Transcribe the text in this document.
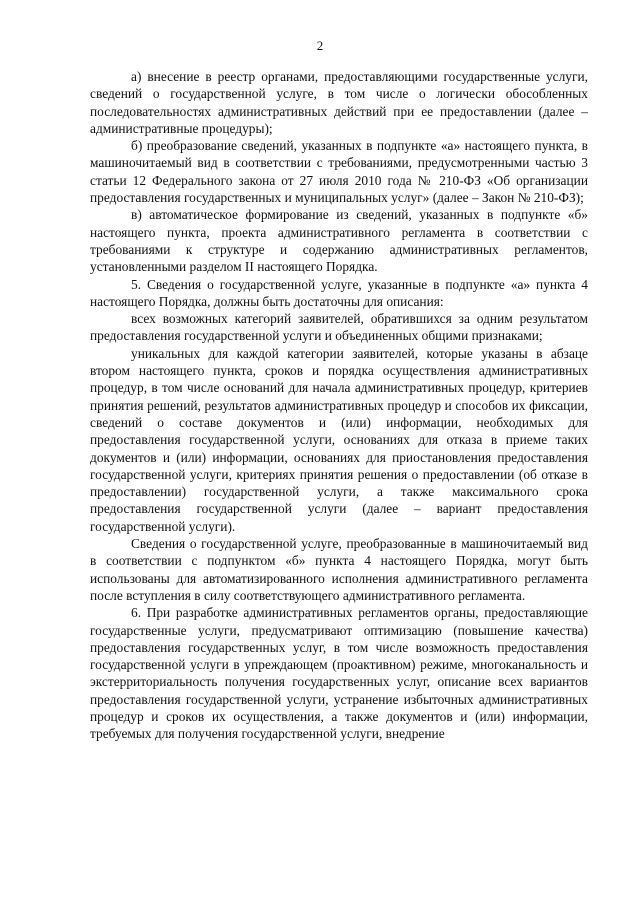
2

а) внесение в реестр органами, предоставляющими государственные услуги, сведений о государственной услуге, в том числе о логически обособленных последовательностях административных действий при ее предоставлении (далее – административные процедуры);

б) преобразование сведений, указанных в подпункте «а» настоящего пункта, в машиночитаемый вид в соответствии с требованиями, предусмотренными частью 3 статьи 12 Федерального закона от 27 июля 2010 года № 210-ФЗ «Об организации предоставления государственных и муниципальных услуг» (далее – Закон № 210-ФЗ);

в) автоматическое формирование из сведений, указанных в подпункте «б» настоящего пункта, проекта административного регламента в соответствии с требованиями к структуре и содержанию административных регламентов, установленными разделом II настоящего Порядка.

5. Сведения о государственной услуге, указанные в подпункте «а» пункта 4 настоящего Порядка, должны быть достаточны для описания:

всех возможных категорий заявителей, обратившихся за одним результатом предоставления государственной услуги и объединенных общими признаками;

уникальных для каждой категории заявителей, которые указаны в абзаце втором настоящего пункта, сроков и порядка осуществления административных процедур, в том числе оснований для начала административных процедур, критериев принятия решений, результатов административных процедур и способов их фиксации, сведений о составе документов и (или) информации, необходимых для предоставления государственной услуги, основаниях для отказа в приеме таких документов и (или) информации, основаниях для приостановления предоставления государственной услуги, критериях принятия решения о предоставлении (об отказе в предоставлении) государственной услуги, а также максимального срока предоставления государственной услуги (далее – вариант предоставления государственной услуги).

Сведения о государственной услуге, преобразованные в машиночитаемый вид в соответствии с подпунктом «б» пункта 4 настоящего Порядка, могут быть использованы для автоматизированного исполнения административного регламента после вступления в силу соответствующего административного регламента.

6. При разработке административных регламентов органы, предоставляющие государственные услуги, предусматривают оптимизацию (повышение качества) предоставления государственных услуг, в том числе возможность предоставления государственной услуги в упреждающем (проактивном) режиме, многоканальность и экстерриториальность получения государственных услуг, описание всех вариантов предоставления государственной услуги, устранение избыточных административных процедур и сроков их осуществления, а также документов и (или) информации, требуемых для получения государственной услуги, внедрение
